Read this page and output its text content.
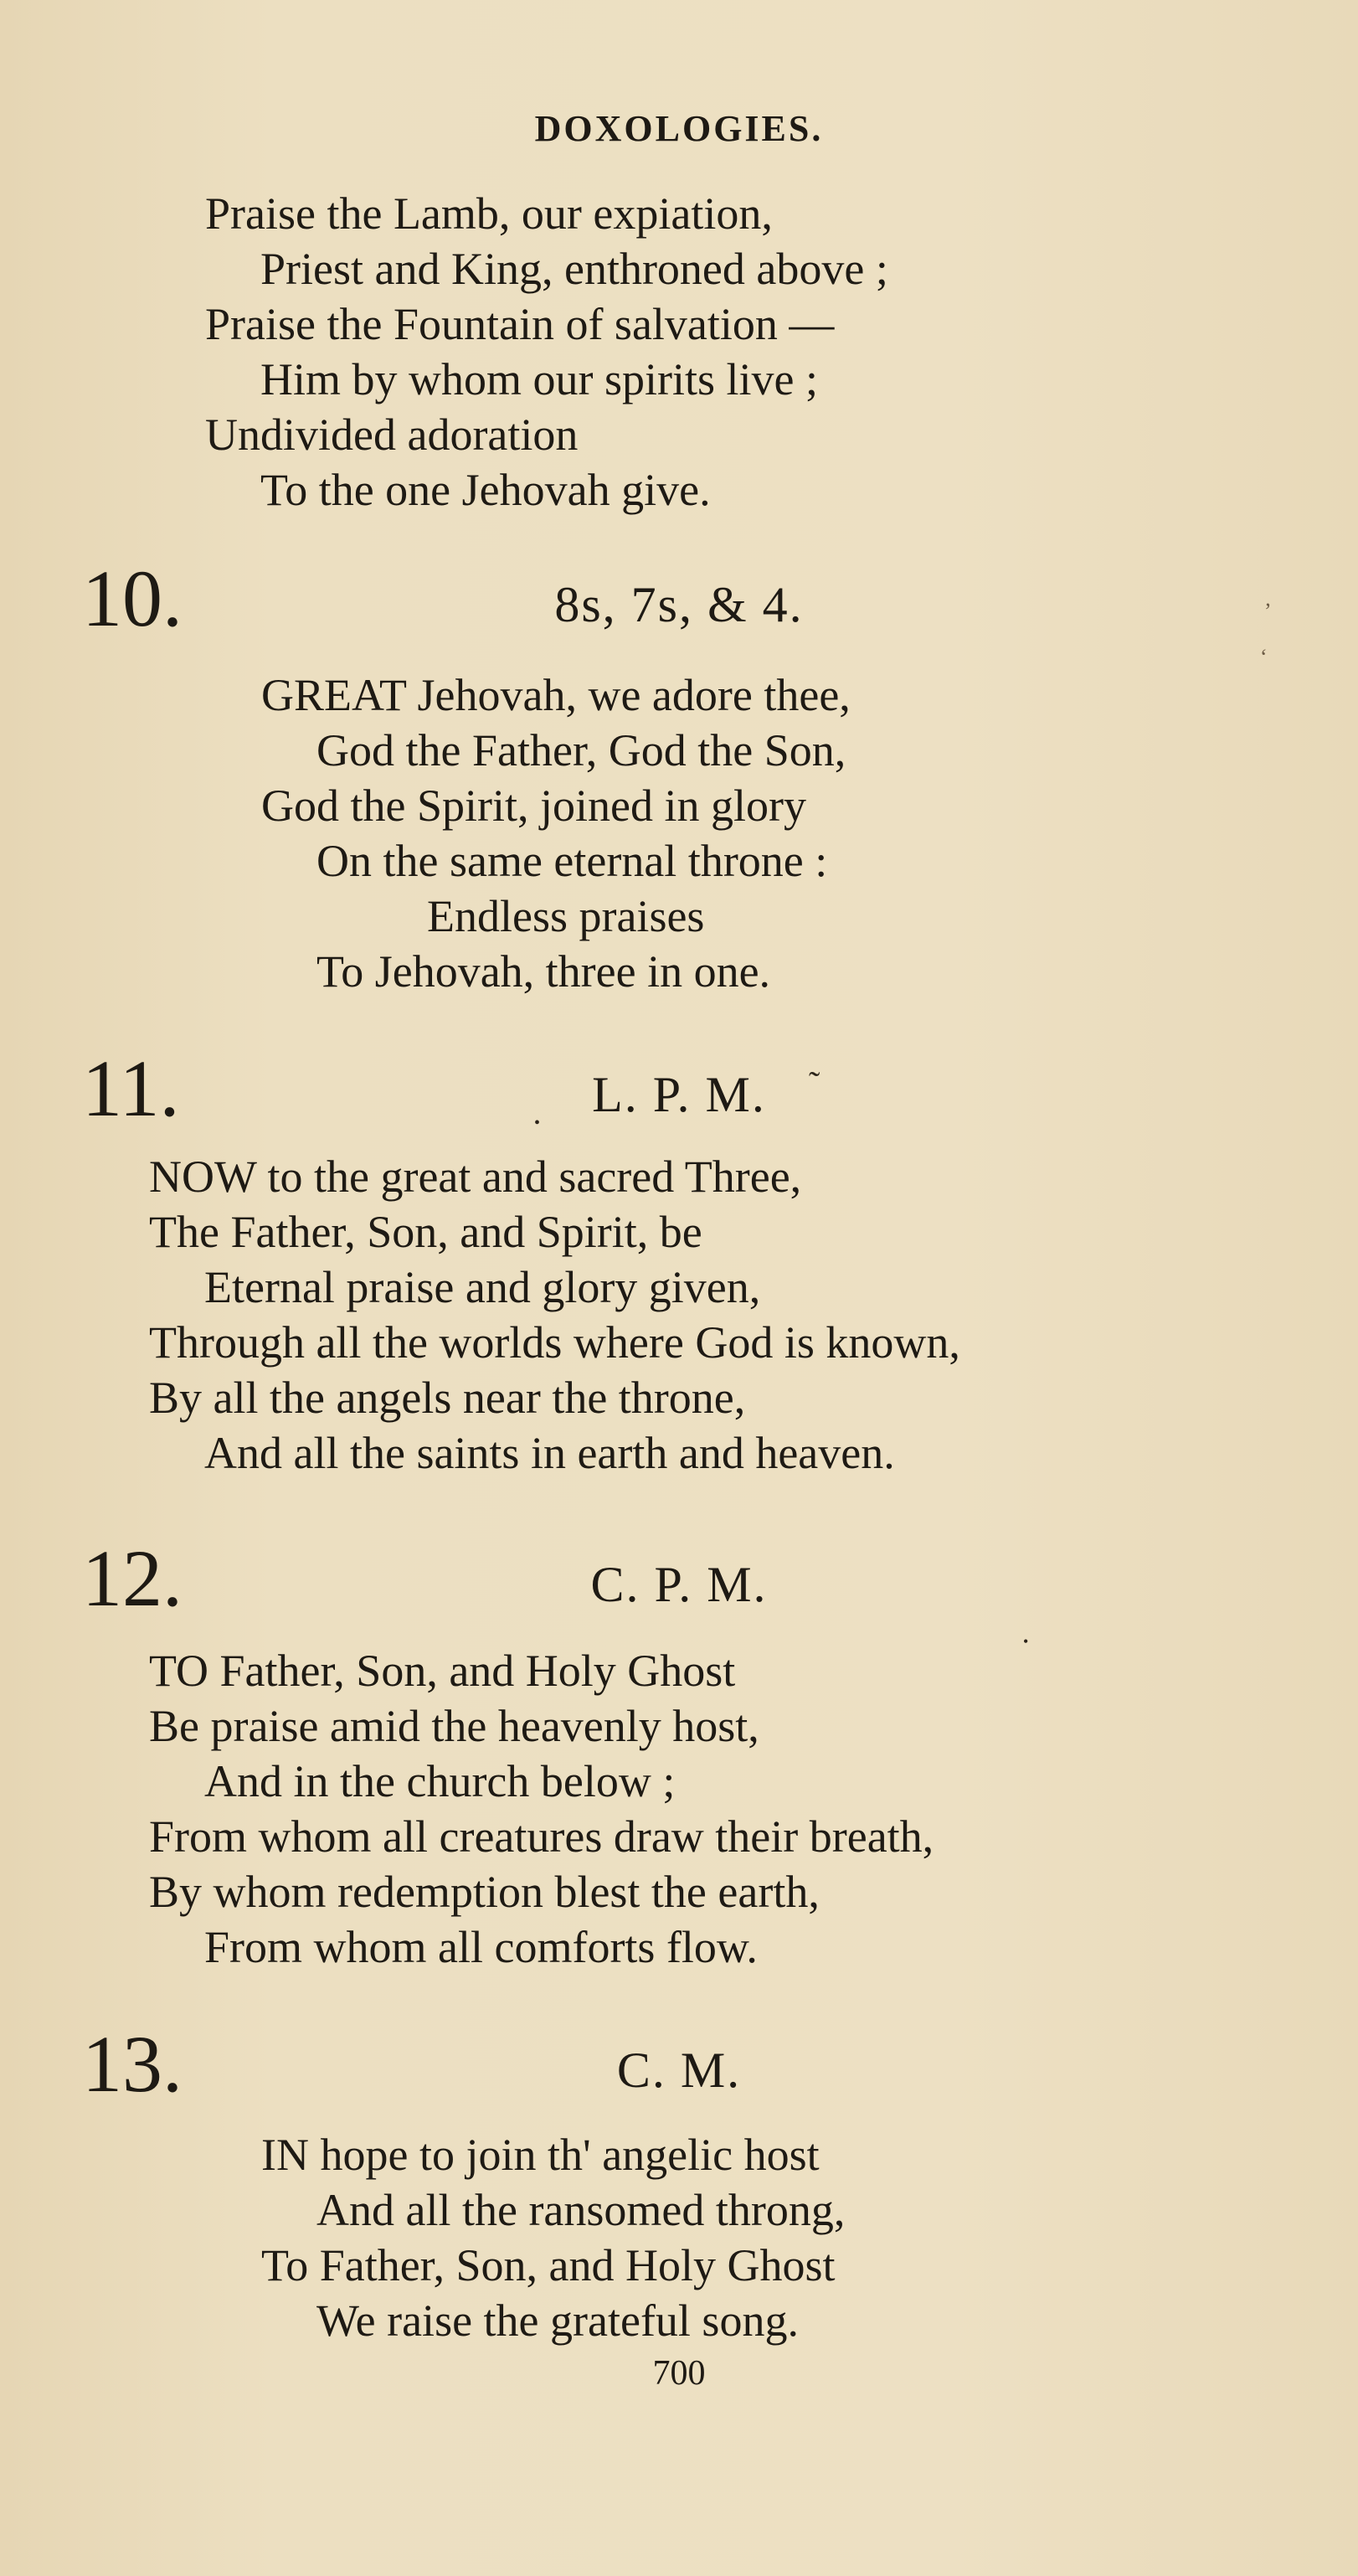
DOXOLOGIES.
Praise the Lamb, our expiation,
Priest and King, enthroned above ;
Praise the Fountain of salvation —
Him by whom our spirits live ;
Undivided adoration
To the one Jehovah give.
10.	8s, 7s, & 4.
GREAT Jehovah, we adore thee,
God the Father, God the Son,
God the Spirit, joined in glory
On the same eternal throne :
Endless praises
To Jehovah, three in one.
11.	L. P. M.
NOW to the great and sacred Three,
The Father, Son, and Spirit, be
Eternal praise and glory given,
Through all the worlds where God is known,
By all the angels near the throne,
And all the saints in earth and heaven.
12.	C. P. M.
TO Father, Son, and Holy Ghost
Be praise amid the heavenly host,
And in the church below ;
From whom all creatures draw their breath,
By whom redemption blest the earth,
From whom all comforts flow.
13.	C. M.
IN hope to join th' angelic host
And all the ransomed throng,
To Father, Son, and Holy Ghost
We raise the grateful song.
700
‚
‘
˜
•
•
